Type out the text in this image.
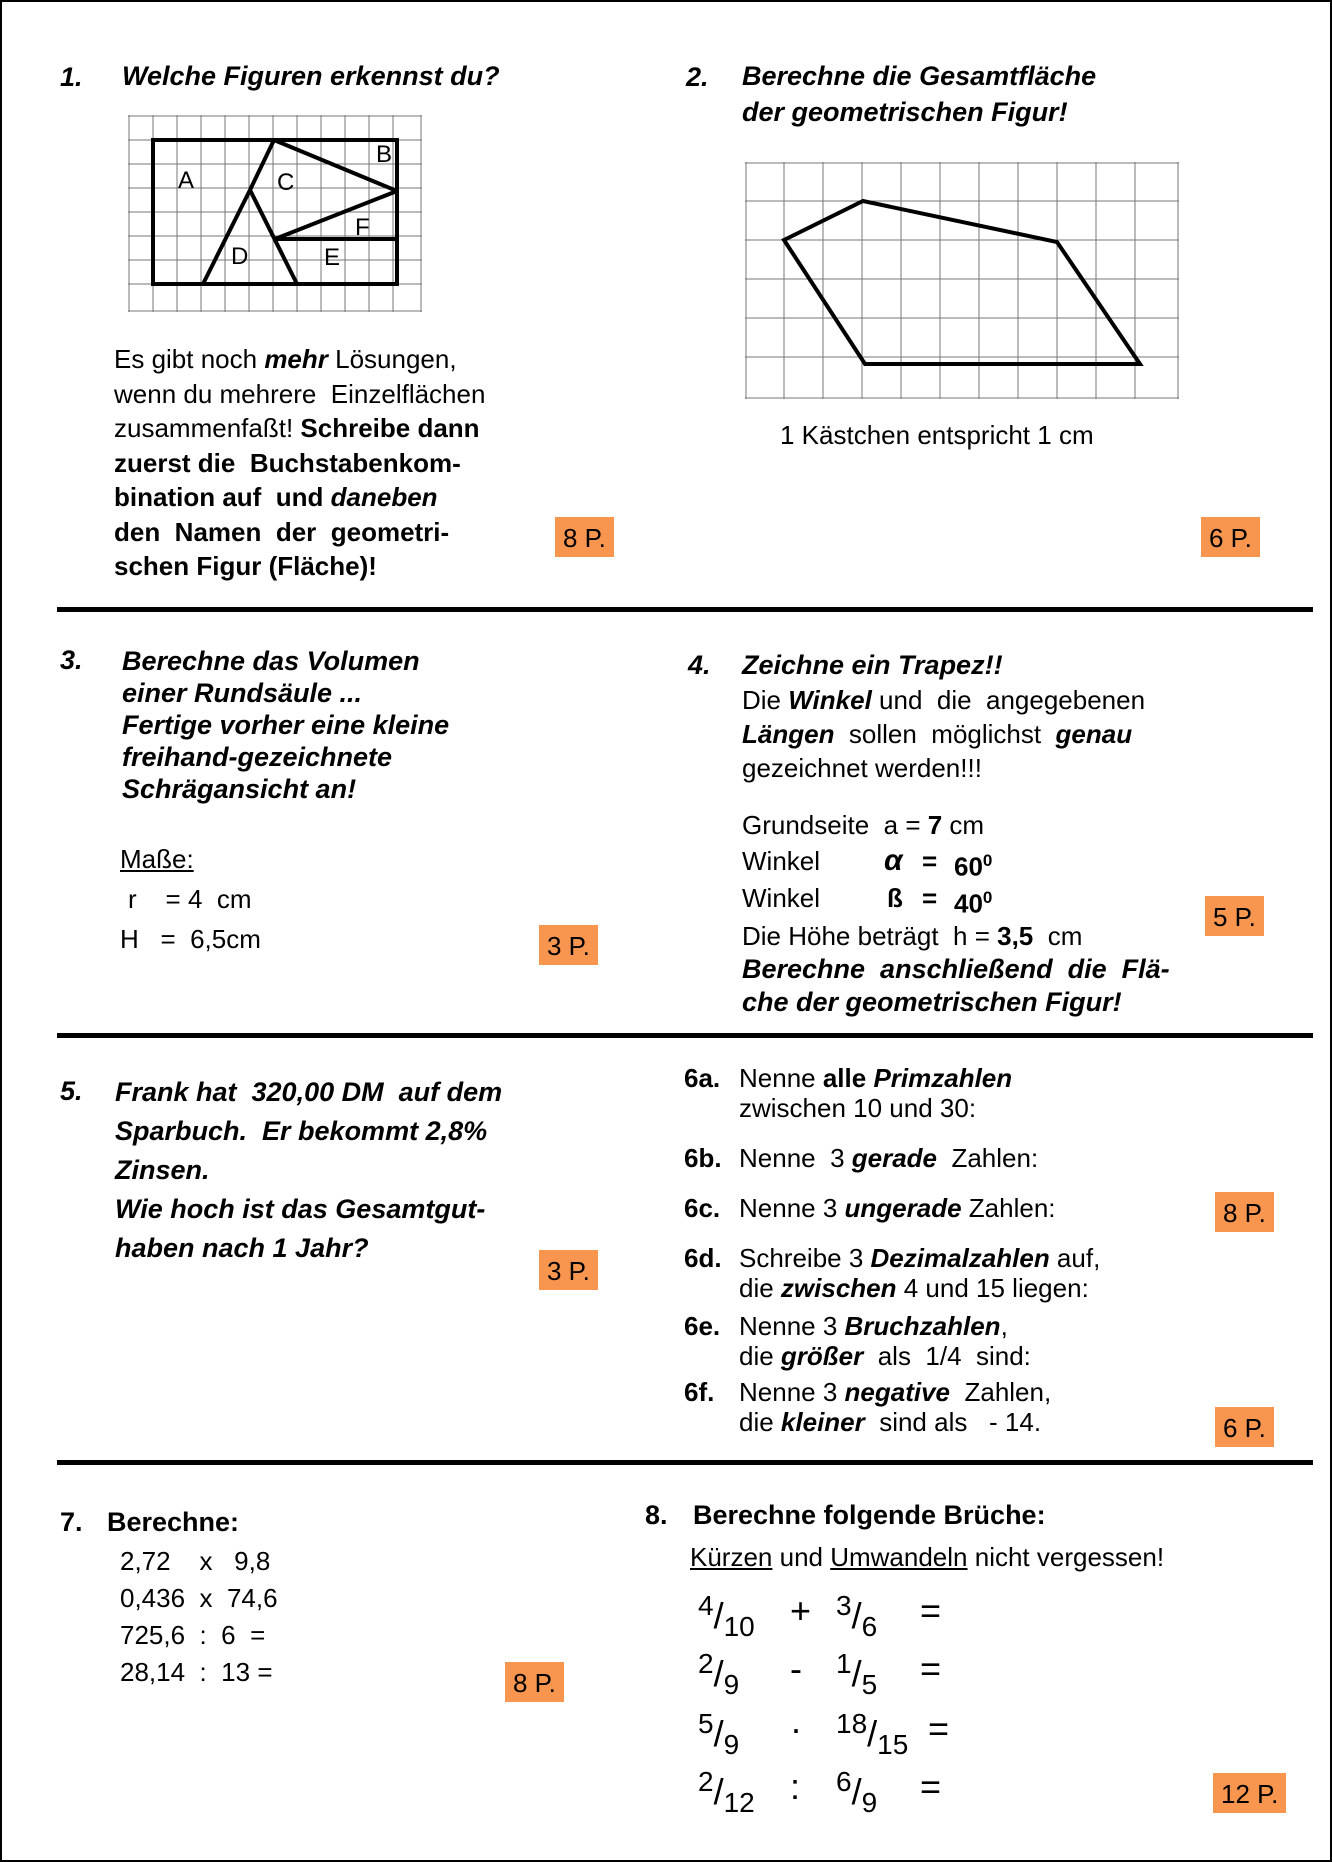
1. Welche Figuren erkennst du?
A
B
C
D	E
F
Es gibt noch mehr Lösungen,
wenn du mehrere  Einzelflächen
zusammenfaßt! Schreibe dann
zuerst die  Buchstabenkom-
bination auf  und daneben
den  Namen  der  geometri-
schen Figur (Fläche)!
8 P.
2. Berechne die Gesamtfläche
der geometrischen Figur!
1 Kästchen entspricht 1 cm
6 P.
3. Berechne das Volumen
einer Rundsäule ...
Fertige vorher eine kleine
freihand-gezeichnete
Schrägansicht an!
Maße:
r    = 4  cm
H   =  6,5cm	3 P.
4. Zeichne ein Trapez!!
Die Winkel und  die  angegebenen
Längen  sollen  möglichst  genau
gezeichnet werden!!!
Grundseite  a = 7 cm
Winkel $\alpha = 60^0$
Winkel	ß = $40^0$
Die Höhe beträgt  h = 3,5  cm
Berechne  anschließend  die  Flä-
che der geometrischen Figur!
5 P.
5. Frank hat  320,00 DM  auf dem
Sparbuch.  Er bekommt 2,8%
Zinsen.
Wie hoch ist das Gesamtgut-
haben nach 1 Jahr?
3 P.
6a. Nenne alle Primzahlen
zwischen 10 und 30:
6b. Nenne  3 gerade  Zahlen:
6c. Nenne 3 ungerade Zahlen:
6d. Schreibe 3 Dezimalzahlen auf,
die zwischen 4 und 15 liegen:
6e. Nenne 3 Bruchzahlen,
die größer  als  1/4  sind:
6f. Nenne 3 negative  Zahlen,
die kleiner  sind als   - 14.
8 P.
6 P.
7. Berechne:
2,72    x   9,8
0,436  x  74,6
725,6  :  6  =
28,14  :  13 =	8 P.
8. Berechne folgende Brüche:
Kürzen und Umwandeln nicht vergessen!
$^4/_{10} + ^3/_6$ =
$^2/_9 - ^1/_5$ =
$^5/_9 \cdot ^{18}/_{15}$ =
$^2/_{12}$ : $^6/_9$ =	12 P.
